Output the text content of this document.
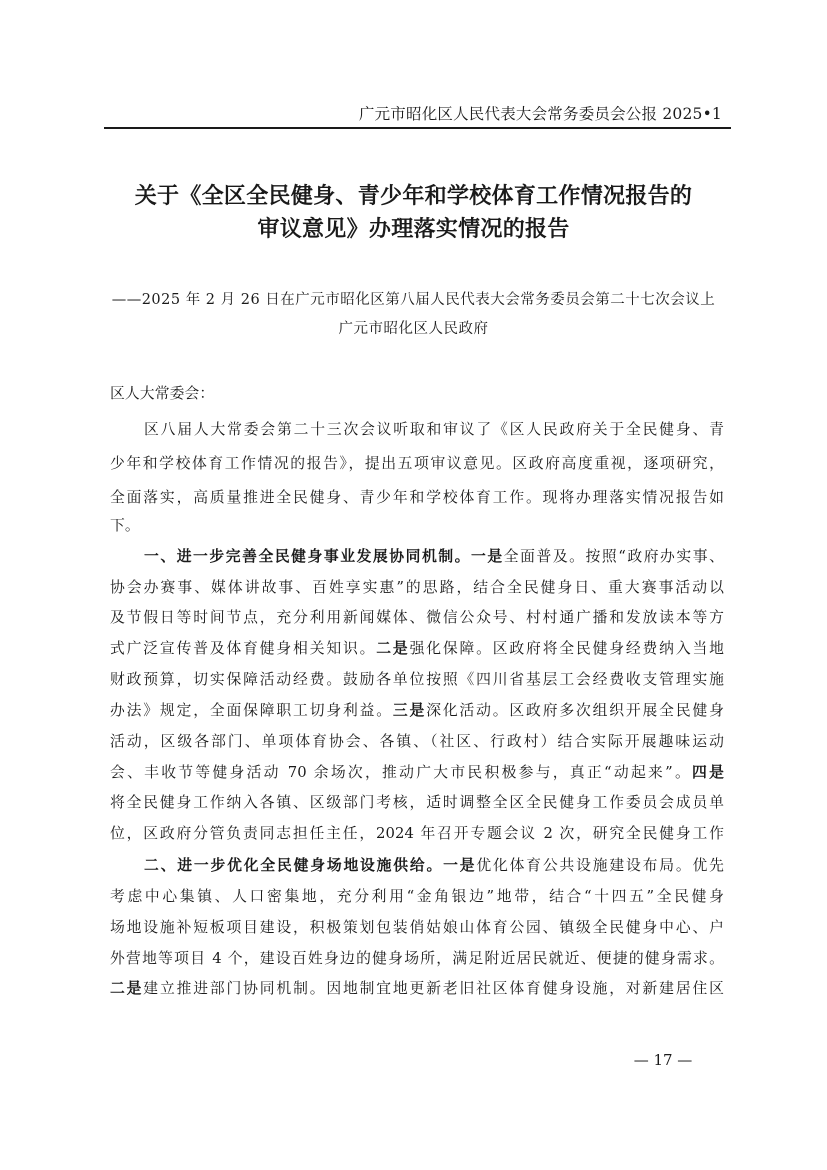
广元市昭化区人民代表大会常务委员会公报 2025•1
关于《全区全民健身、青少年和学校体育工作情况报告的
审议意见》办理落实情况的报告
——2025 年 2 月 26 日在广元市昭化区第八届人民代表大会常务委员会第二十七次会议上
广元市昭化区人民政府
区人大常委会：
区八届人大常委会第二十三次会议听取和审议了《区人民政府关于全民健身、青
少年和学校体育工作情况的报告》，提出五项审议意见。区政府高度重视，逐项研究，
全面落实，高质量推进全民健身、青少年和学校体育工作。现将办理落实情况报告如
下。
一、进一步完善全民健身事业发展协同机制。一是全面普及。按照“政府办实事、
协会办赛事、媒体讲故事、百姓享实惠”的思路，结合全民健身日、重大赛事活动以
及节假日等时间节点，充分利用新闻媒体、微信公众号、村村通广播和发放读本等方
式广泛宣传普及体育健身相关知识。二是强化保障。区政府将全民健身经费纳入当地
财政预算，切实保障活动经费。鼓励各单位按照《四川省基层工会经费收支管理实施
办法》规定，全面保障职工切身利益。三是深化活动。区政府多次组织开展全民健身
活动，区级各部门、单项体育协会、各镇、（社区、行政村）结合实际开展趣味运动
会、丰收节等健身活动 70 余场次，推动广大市民积极参与，真正“动起来”。四是
将全民健身工作纳入各镇、区级部门考核，适时调整全区全民健身工作委员会成员单
位，区政府分管负责同志担任主任，2024 年召开专题会议 2 次，研究全民健身工作
二、进一步优化全民健身场地设施供给。一是优化体育公共设施建设布局。优先
考虑中心集镇、人口密集地，充分利用“金角银边”地带，结合“十四五”全民健身
场地设施补短板项目建设，积极策划包装俏姑娘山体育公园、镇级全民健身中心、户
外营地等项目 4 个，建设百姓身边的健身场所，满足附近居民就近、便捷的健身需求。
二是建立推进部门协同机制。因地制宜地更新老旧社区体育健身设施，对新建居住区
— 17 —
